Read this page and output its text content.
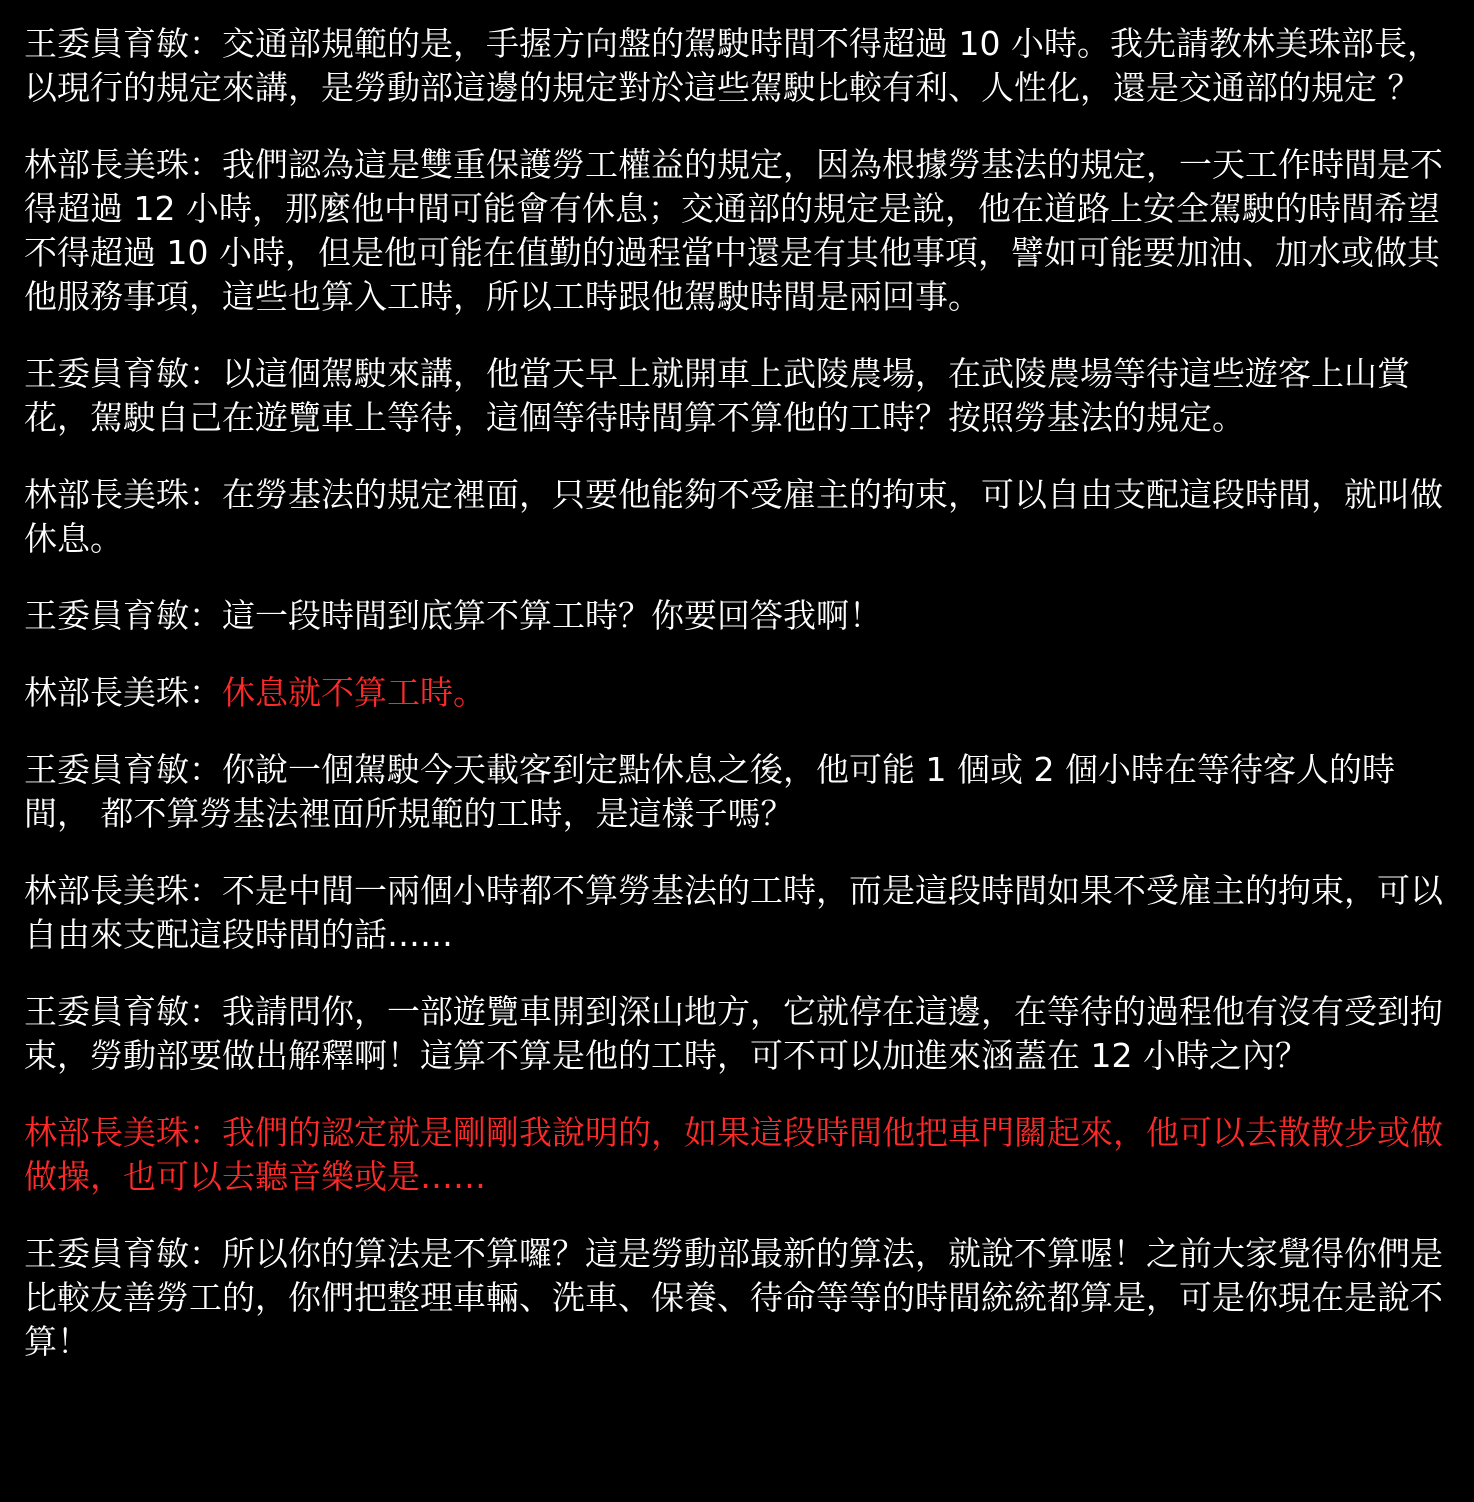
王委員育敏：交通部規範的是，手握方向盤的駕駛時間不得超過 10 小時。我先請教林美珠部長，以現行的規定來講，是勞動部這邊的規定對於這些駕駛比較有利、人性化，還是交通部的規定 ？

林部長美珠：我們認為這是雙重保護勞工權益的規定，因為根據勞基法的規定，一天工作時間是不得超過 12 小時，那麼他中間可能會有休息；交通部的規定是說，他在道路上安全駕駛的時間希望不得超過 10 小時，但是他可能在值勤的過程當中還是有其他事項，譬如可能要加油、加水或做其他服務事項，這些也算入工時，所以工時跟他駕駛時間是兩回事。

王委員育敏：以這個駕駛來講，他當天早上就開車上武陵農場，在武陵農場等待這些遊客上山賞花，駕駛自己在遊覽車上等待，這個等待時間算不算他的工時？按照勞基法的規定。

林部長美珠：在勞基法的規定裡面，只要他能夠不受雇主的拘束，可以自由支配這段時間，就叫做休息。

王委員育敏：這一段時間到底算不算工時？你要回答我啊！

林部長美珠：休息就不算工時。

王委員育敏：你說一個駕駛今天載客到定點休息之後，他可能 1 個或 2 個小時在等待客人的時間， 都不算勞基法裡面所規範的工時，是這樣子嗎？

林部長美珠：不是中間一兩個小時都不算勞基法的工時，而是這段時間如果不受雇主的拘束，可以自由來支配這段時間的話……

王委員育敏：我請問你，一部遊覽車開到深山地方，它就停在這邊，在等待的過程他有沒有受到拘束，勞動部要做出解釋啊！這算不算是他的工時，可不可以加進來涵蓋在 12 小時之內？

林部長美珠：我們的認定就是剛剛我說明的，如果這段時間他把車門關起來，他可以去散散步或做做操，也可以去聽音樂或是……

王委員育敏：所以你的算法是不算囉？這是勞動部最新的算法，就說不算喔！之前大家覺得你們是比較友善勞工的，你們把整理車輛、洗車、保養、待命等等的時間統統都算是，可是你現在是說不算！
